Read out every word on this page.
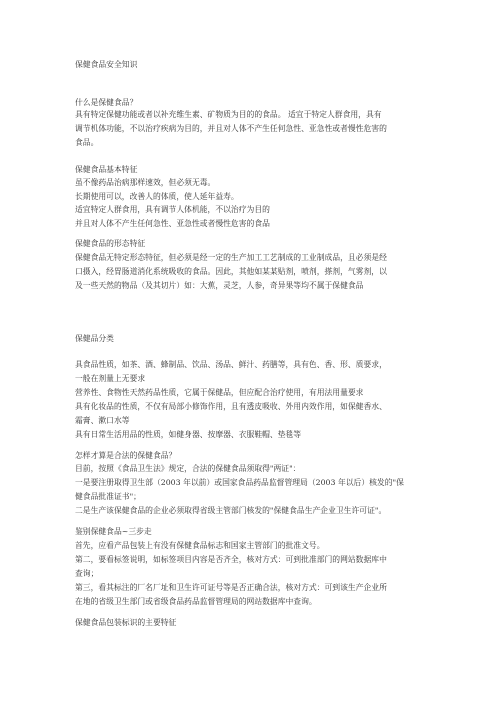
保健食品安全知识
什么是保健食品？
具有特定保健功能或者以补充维生素、矿物质为目的的食品。 适宜于特定人群食用，具有
调节机体功能，不以治疗疾病为目的，并且对人体不产生任何急性、亚急性或者慢性危害的
食品。
保健食品基本特征
虽不像药品治病那样速效，但必须无毒。
长期使用可以，改善人的体质，使人延年益寿。
适宜特定人群食用，具有调节人体机能，不以治疗为目的
并且对人体不产生任何急性、亚急性或者慢性危害的食品
保健食品的形态特征
保健食品无特定形态特征，但必须是经一定的生产加工工艺制成的工业制成品，且必须是经
口摄入，经胃肠道消化系统吸收的食品。因此，其他如某某贴剂，喷剂，搽剂，气雾剂，以
及一些天然的物品（及其切片）如：大蕉，灵芝，人参，奇异果等均不属于保健食品
保健品分类
具食品性质，如茶、酒、蜂制品、饮品、汤品、鲜汁、药膳等，具有色、香、形、质要求，
一般在剂量上无要求
营养性、食物性天然药品性质，它属于保健品，但应配合治疗使用，有用法用量要求
具有化妆品的性质，不仅有局部小修饰作用，且有透皮吸收、外用内效作用，如保健香水、
霜膏、漱口水等
具有日常生活用品的性质，如健身器、按摩器、衣服鞋帽、垫毯等
怎样才算是合法的保健食品？
目前，按照《食品卫生法》规定，合法的保健食品须取得"两证"：
一是要注册取得卫生部（2003 年以前）或国家食品药品监督管理局（2003 年以后）核发的"保
健食品批准证书"；
二是生产该保健食品的企业必须取得省级主管部门核发的"保健食品生产企业卫生许可证"。
鉴别保健食品~三步走
首先，应看产品包装上有没有保健食品标志和国家主管部门的批准文号。
第二，要看标签说明，如标签项目内容是否齐全，核对方式：可到批准部门的网站数据库中
查询；
第三，看其标注的厂名厂址和卫生许可证号等是否正确合法，核对方式：可到该生产企业所
在地的省级卫生部门或省级食品药品监督管理局的网站数据库中查询。
保健食品包装标识的主要特征
